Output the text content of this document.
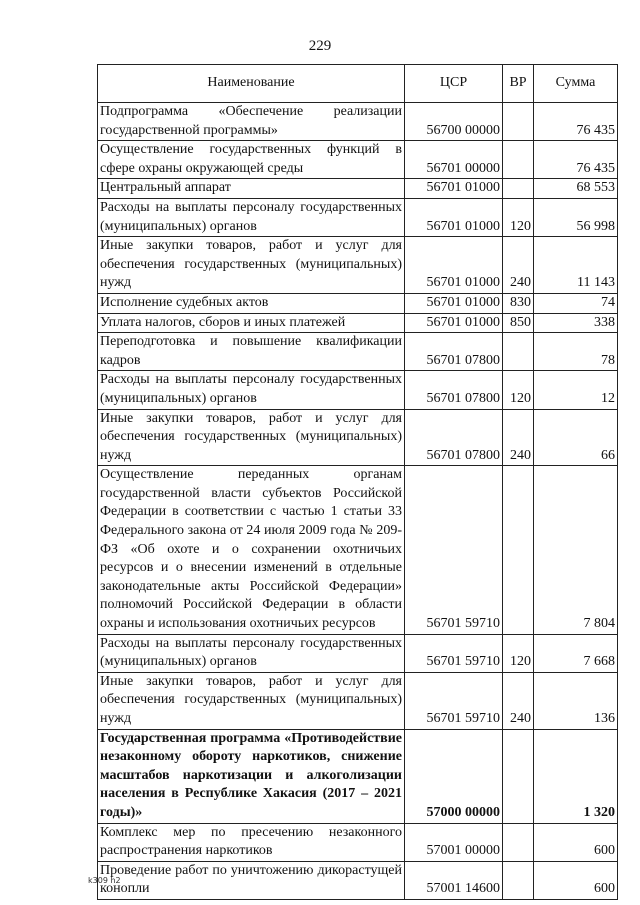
229
Наименование	ЦСР	ВР	Сумма
Подпрограмма «Обеспечение реализации государственной программы»	56700 00000		76 435
Осуществление государственных функций в сфере охраны окружающей среды	56701 00000		76 435
Центральный аппарат	56701 01000		68 553
Расходы на выплаты персоналу государственных (муниципальных) органов	56701 01000	120	56 998
Иные закупки товаров, работ и услуг для обеспечения государственных (муниципальных) нужд	56701 01000	240	11 143
Исполнение судебных актов	56701 01000	830	74
Уплата налогов, сборов и иных платежей	56701 01000	850	338
Переподготовка и повышение квалификации кадров	56701 07800		78
Расходы на выплаты персоналу государственных (муниципальных) органов	56701 07800	120	12
Иные закупки товаров, работ и услуг для обеспечения государственных (муниципальных) нужд	56701 07800	240	66
Осуществление переданных органам государственной власти субъектов Российской Федерации в соответствии с частью 1 статьи 33 Федерального закона от 24 июля 2009 года № 209-ФЗ «Об охоте и о сохранении охотничьих ресурсов и о внесении изменений в отдельные законодательные акты Российской Федерации» полномочий Российской Федерации в области охраны и использования охотничьих ресурсов	56701 59710		7 804
Расходы на выплаты персоналу государственных (муниципальных) органов	56701 59710	120	7 668
Иные закупки товаров, работ и услуг для обеспечения государственных (муниципальных) нужд	56701 59710	240	136
Государственная программа «Противодействие незаконному обороту наркотиков, снижение масштабов наркотизации и алкоголизации населения в Республике Хакасия (2017 – 2021 годы)»	57000 00000		1 320
Комплекс мер по пресечению незаконного распространения наркотиков	57001 00000		600
Проведение работ по уничтожению дикорастущей конопли	57001 14600		600
k309 h2
